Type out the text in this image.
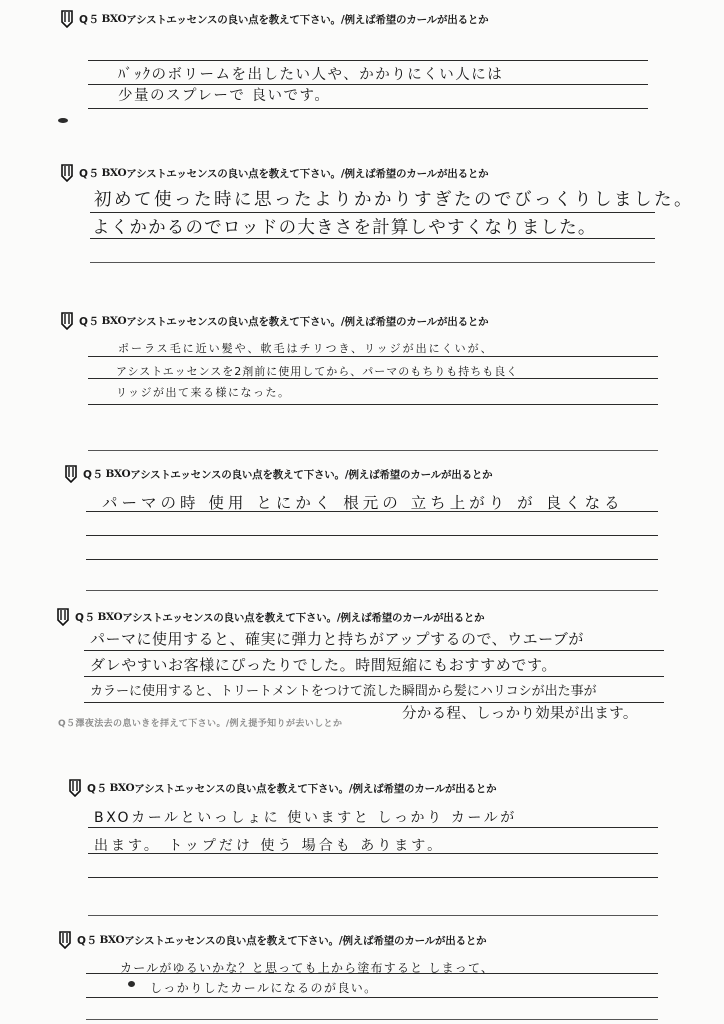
Q５ BXO アシストエッセンスの良い点を教えて下さい。/例えば希望のカールが出るとか
ﾊﾞｯｸのボリームを出したい人や、かかりにくい人には
少量のスプレーで 良いです。
Q５ BXO アシストエッセンスの良い点を教えて下さい。/例えば希望のカールが出るとか
初めて使った時に思ったよりかかりすぎたのでびっくりしました。
よくかかるのでロッドの大きさを計算しやすくなりました。
Q５ BXO アシストエッセンスの良い点を教えて下さい。/例えば希望のカールが出るとか
ポーラス毛に近い髪や、軟毛はチリつき、リッジが出にくいが、
アシストエッセンスを2剤前に使用してから、パーマのもちりも持ちも良く
リッジが出て来る様になった。
Q５ BXO アシストエッセンスの良い点を教えて下さい。/例えば希望のカールが出るとか
パーマの時 使用 とにかく 根元の 立ち上がり が 良くなる
Q５ BXO アシストエッセンスの良い点を教えて下さい。/例えば希望のカールが出るとか
パーマに使用すると、確実に弾力と持ちがアップするので、ウエーブが
ダレやすいお客様にぴったりでした。時間短縮にもおすすめです。
カラーに使用すると、トリートメントをつけて流した瞬間から髪にハリコシが出た事が
Q５澤夜法去の息いきを拝えて下さい。/例え提予知りが去いしとか
分かる程、しっかり効果が出ます。
Q５ BXO アシストエッセンスの良い点を教えて下さい。/例えば希望のカールが出るとか
BXOカールといっしょに 使いますと しっかり カールが
出ます。 トップだけ 使う 場合も あります。
Q５ BXO アシストエッセンスの良い点を教えて下さい。/例えば希望のカールが出るとか
カールがゆるいかな？と思っても上から塗布すると しまって、
しっかりしたカールになるのが良い。
